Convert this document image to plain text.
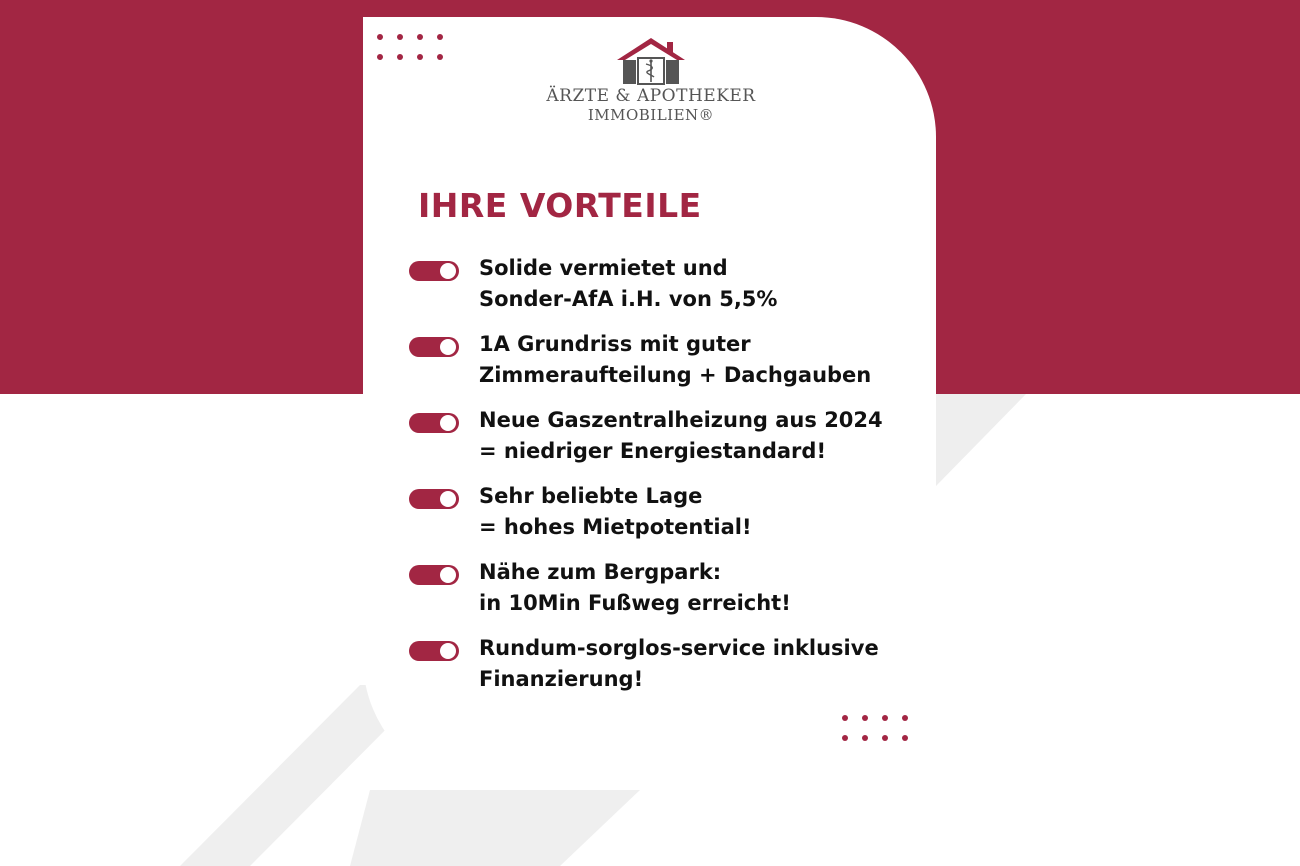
ÄRZTE & APOTHEKER
IMMOBILIEN®
IHRE VORTEILE
Solide vermietet und
Sonder-AfA i.H. von 5,5%
1A Grundriss mit guter
Zimmeraufteilung + Dachgauben
Neue Gaszentralheizung aus 2024
= niedriger Energiestandard!
Sehr beliebte Lage
= hohes Mietpotential!
Nähe zum Bergpark:
in 10Min Fußweg erreicht!
Rundum-sorglos-service inklusive
Finanzierung!
